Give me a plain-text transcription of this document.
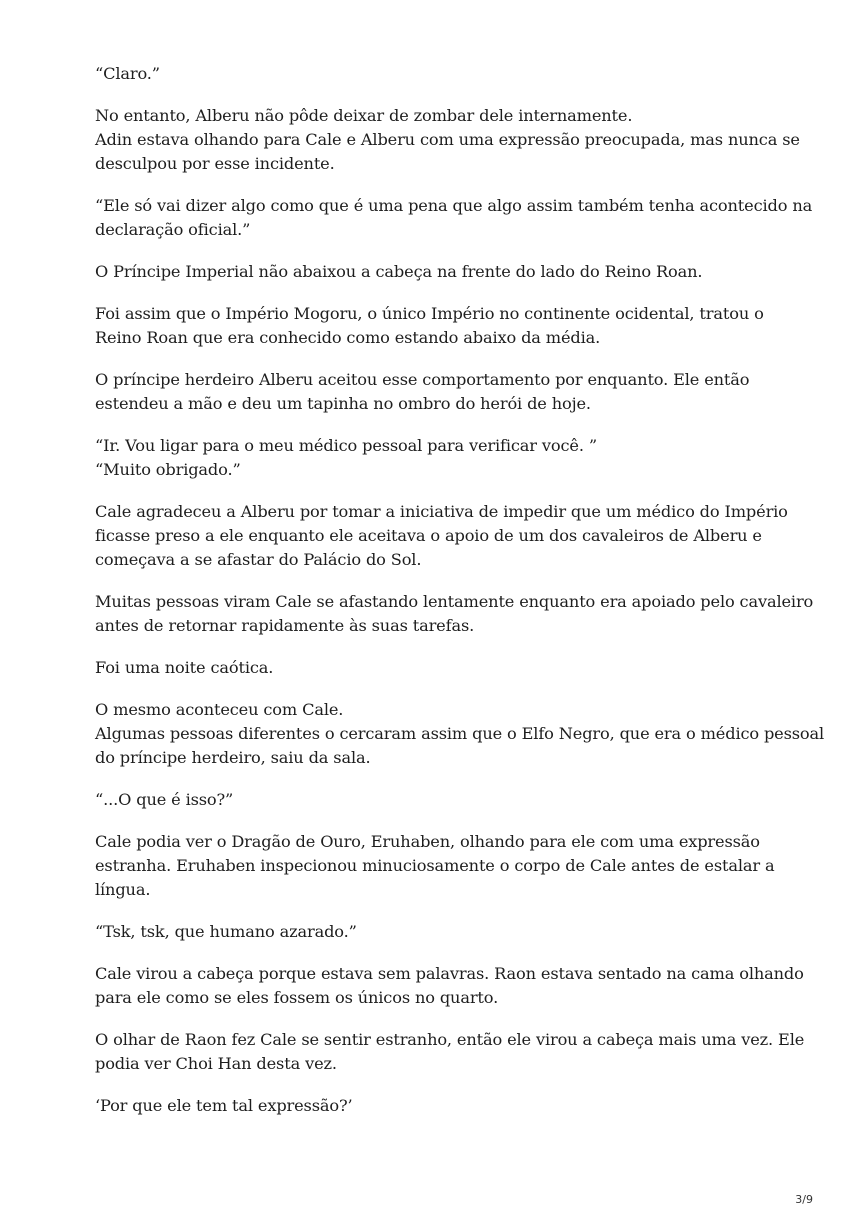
“Claro.”

No entanto, Alberu não pôde deixar de zombar dele internamente.
Adin estava olhando para Cale e Alberu com uma expressão preocupada, mas nunca se
desculpou por esse incidente.

“Ele só vai dizer algo como que é uma pena que algo assim também tenha acontecido na
declaração oficial.”

O Príncipe Imperial não abaixou a cabeça na frente do lado do Reino Roan.

Foi assim que o Império Mogoru, o único Império no continente ocidental, tratou o
Reino Roan que era conhecido como estando abaixo da média.

O príncipe herdeiro Alberu aceitou esse comportamento por enquanto. Ele então
estendeu a mão e deu um tapinha no ombro do herói de hoje.

“Ir. Vou ligar para o meu médico pessoal para verificar você. ”
“Muito obrigado.”

Cale agradeceu a Alberu por tomar a iniciativa de impedir que um médico do Império
ficasse preso a ele enquanto ele aceitava o apoio de um dos cavaleiros de Alberu e
começava a se afastar do Palácio do Sol.

Muitas pessoas viram Cale se afastando lentamente enquanto era apoiado pelo cavaleiro
antes de retornar rapidamente às suas tarefas.

Foi uma noite caótica.

O mesmo aconteceu com Cale.
Algumas pessoas diferentes o cercaram assim que o Elfo Negro, que era o médico pessoal
do príncipe herdeiro, saiu da sala.

“...O que é isso?”

Cale podia ver o Dragão de Ouro, Eruhaben, olhando para ele com uma expressão
estranha. Eruhaben inspecionou minuciosamente o corpo de Cale antes de estalar a
língua.

“Tsk, tsk, que humano azarado.”

Cale virou a cabeça porque estava sem palavras. Raon estava sentado na cama olhando
para ele como se eles fossem os únicos no quarto.

O olhar de Raon fez Cale se sentir estranho, então ele virou a cabeça mais uma vez. Ele
podia ver Choi Han desta vez.

‘Por que ele tem tal expressão?’

3/9
